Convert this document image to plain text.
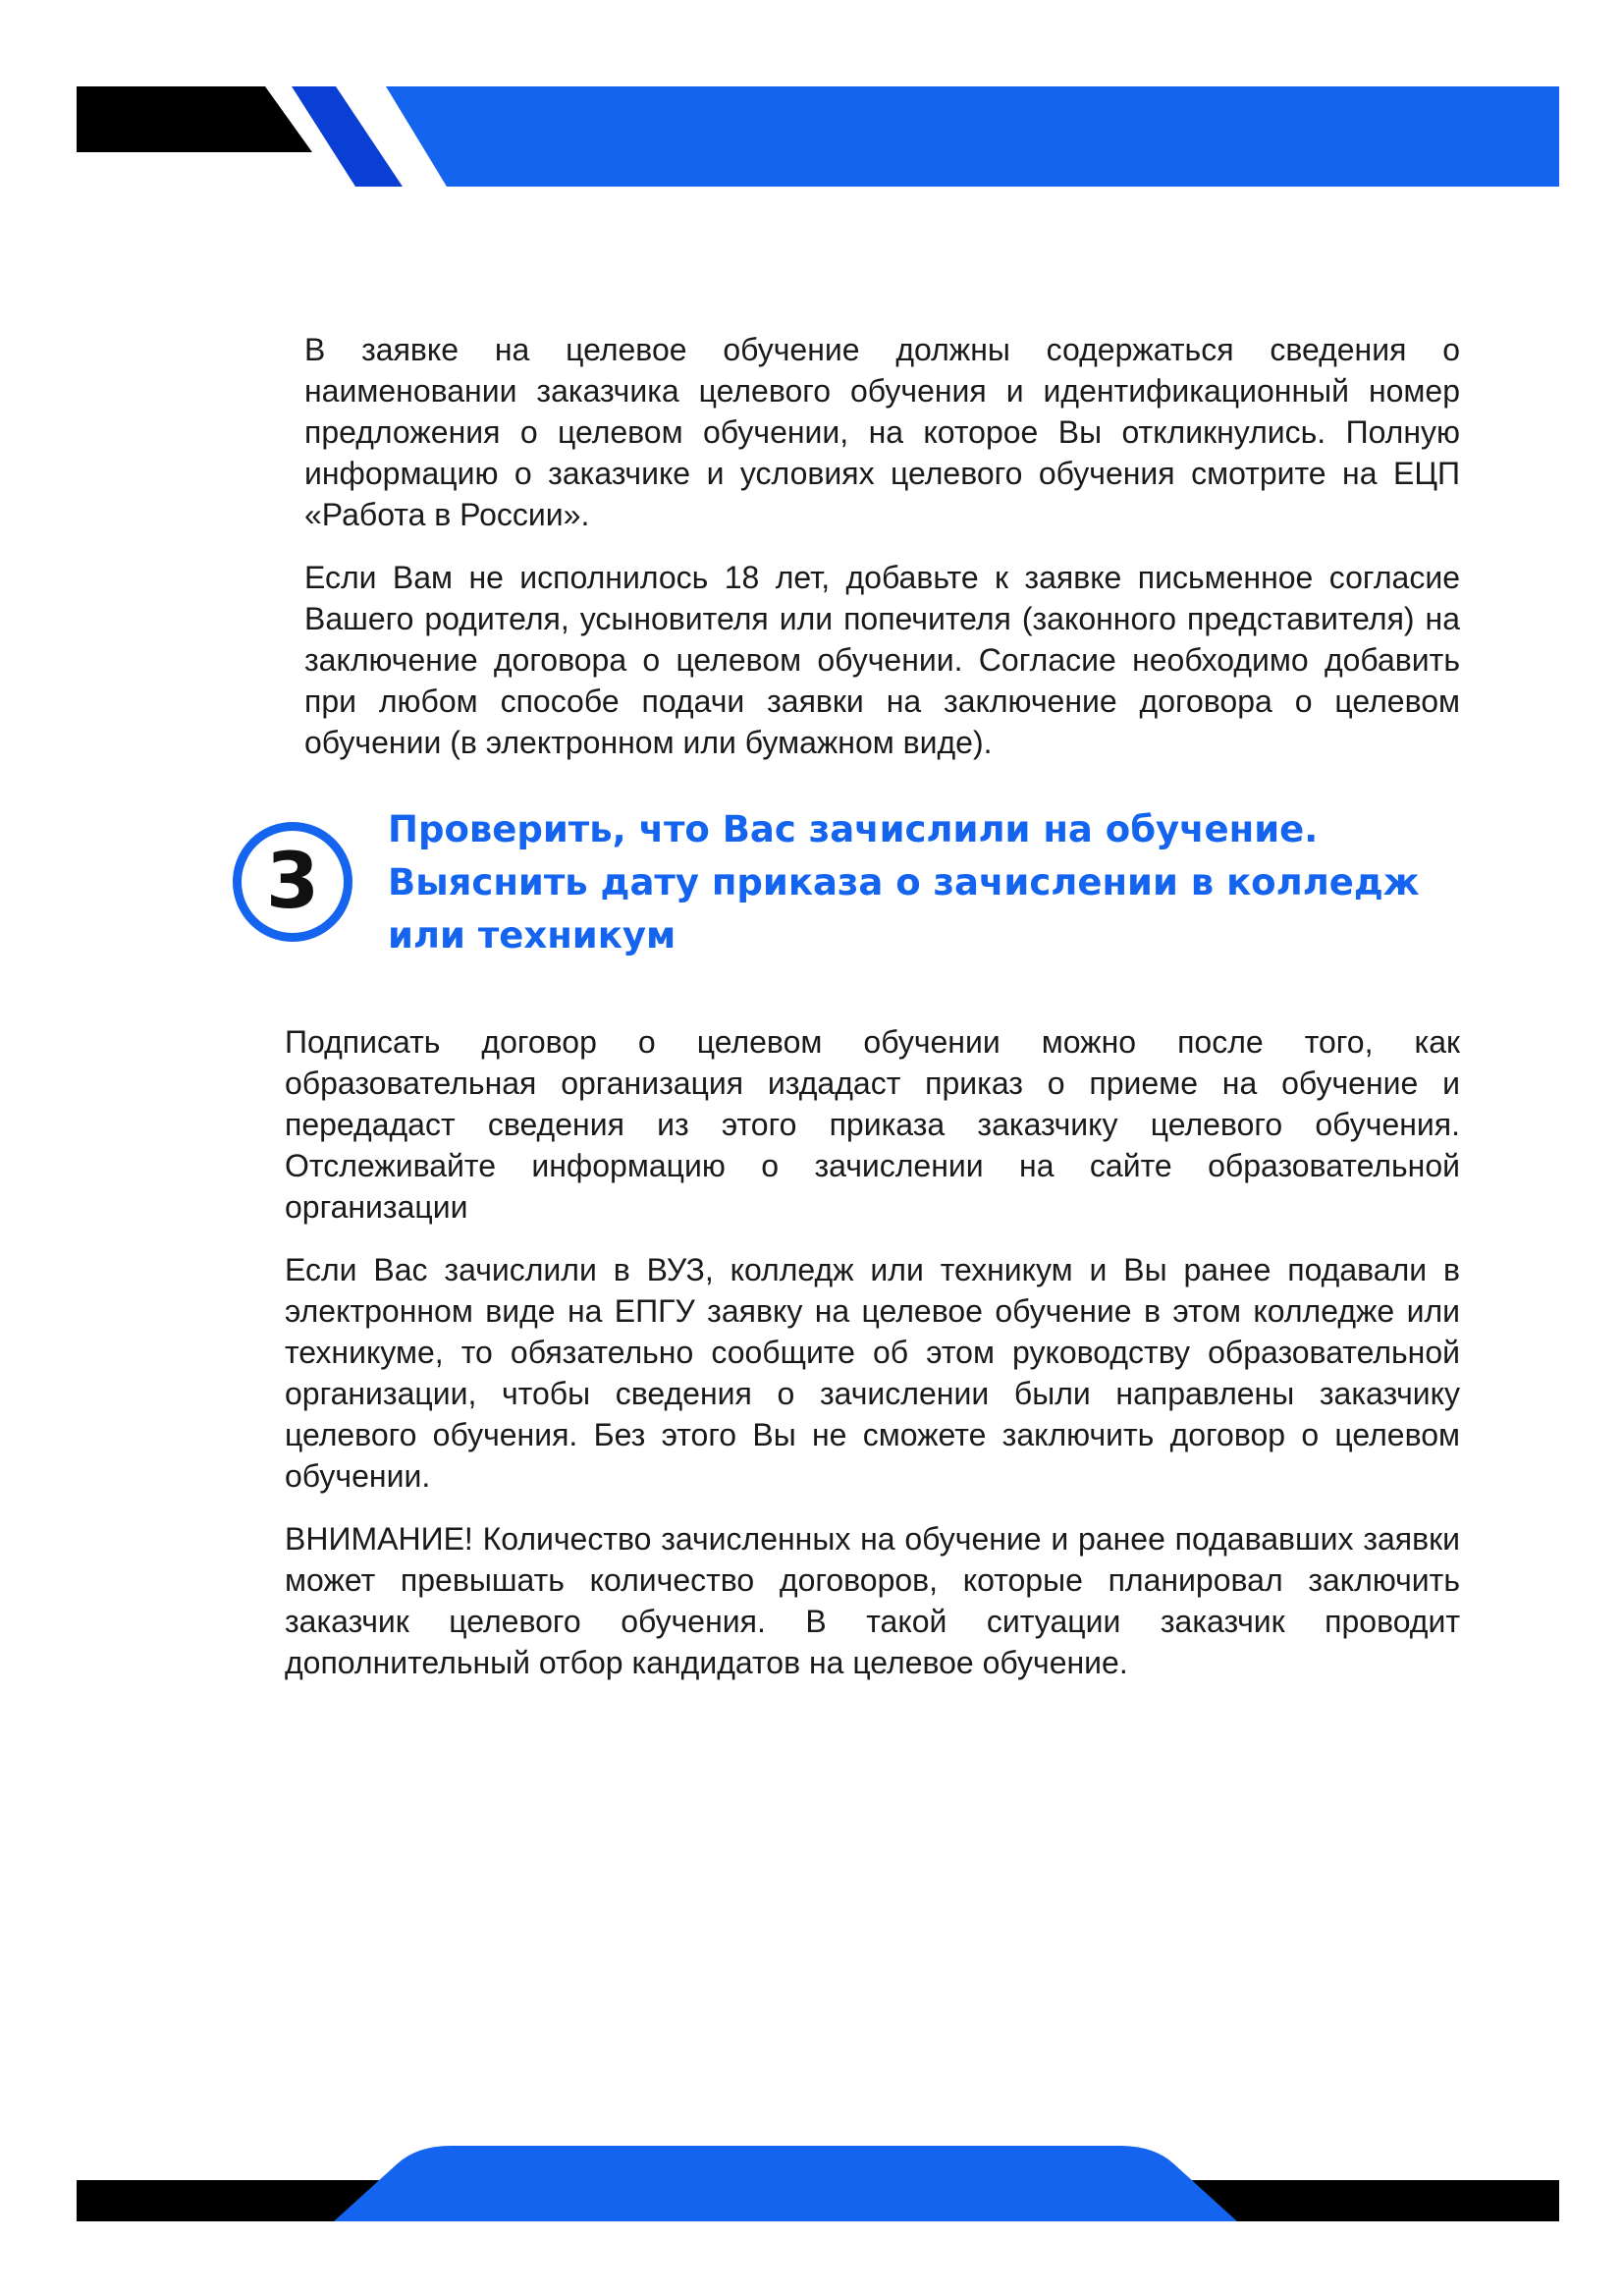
В заявке на целевое обучение должны содержаться сведения о наименовании заказчика целевого обучения и идентификационный номер предложения о целевом обучении, на которое Вы откликнулись. Полную информацию о заказчике и условиях целевого обучения смотрите на ЕЦП «Работа в России».

Если Вам не исполнилось 18 лет, добавьте к заявке письменное согласие Вашего родителя, усыновителя или попечителя (законного представителя) на заключение договора о целевом обучении. Согласие необходимо добавить при любом способе подачи заявки на заключение договора о целевом обучении (в электронном или бумажном виде).

3
Проверить, что Вас зачислили на обучение.
Выяснить дату приказа о зачислении в колледж
или техникум

Подписать договор о целевом обучении можно после того, как образовательная организация издадаст приказ о приеме на обучение и передадаст сведения из этого приказа заказчику целевого обучения. Отслеживайте информацию о зачислении на сайте образовательной организации

Если Вас зачислили в ВУЗ, колледж или техникум и Вы ранее подавали в электронном виде на ЕПГУ заявку на целевое обучение в этом колледже или техникуме, то обязательно сообщите об этом руководству образовательной организации, чтобы сведения о зачислении были направлены заказчику целевого обучения. Без этого Вы не сможете заключить договор о целевом обучении.

ВНИМАНИЕ! Количество зачисленных на обучение и ранее подававших заявки может превышать количество договоров, которые планировал заключить заказчик целевого обучения. В такой ситуации заказчик проводит дополнительный отбор кандидатов на целевое обучение.
